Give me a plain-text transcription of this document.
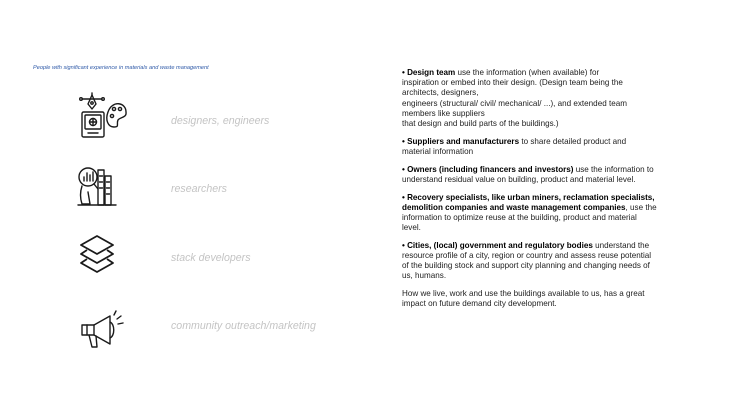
People with significant experience in materials and waste management
designers, engineers
researchers
stack developers
community outreach/marketing

• Design team use the information (when available) for
inspiration or embed into their design. (Design team being the
architects, designers,
engineers (structural/ civil/ mechanical/ ...), and extended team
members like suppliers
that design and build parts of the buildings.)

• Suppliers and manufacturers to share detailed product and
material information

• Owners (including financers and investors) use the information to
understand residual value on building, product and material level.

• Recovery specialists, like urban miners, reclamation specialists, demolition companies and waste management companies, use the
information to optimize reuse at the building, product and material
level.

• Cities, (local) government and regulatory bodies understand the
resource profile of a city, region or country and assess reuse potential
of the building stock and support city planning and changing needs of
us, humans.

How we live, work and use the buildings available to us, has a great
impact on future demand city development.
